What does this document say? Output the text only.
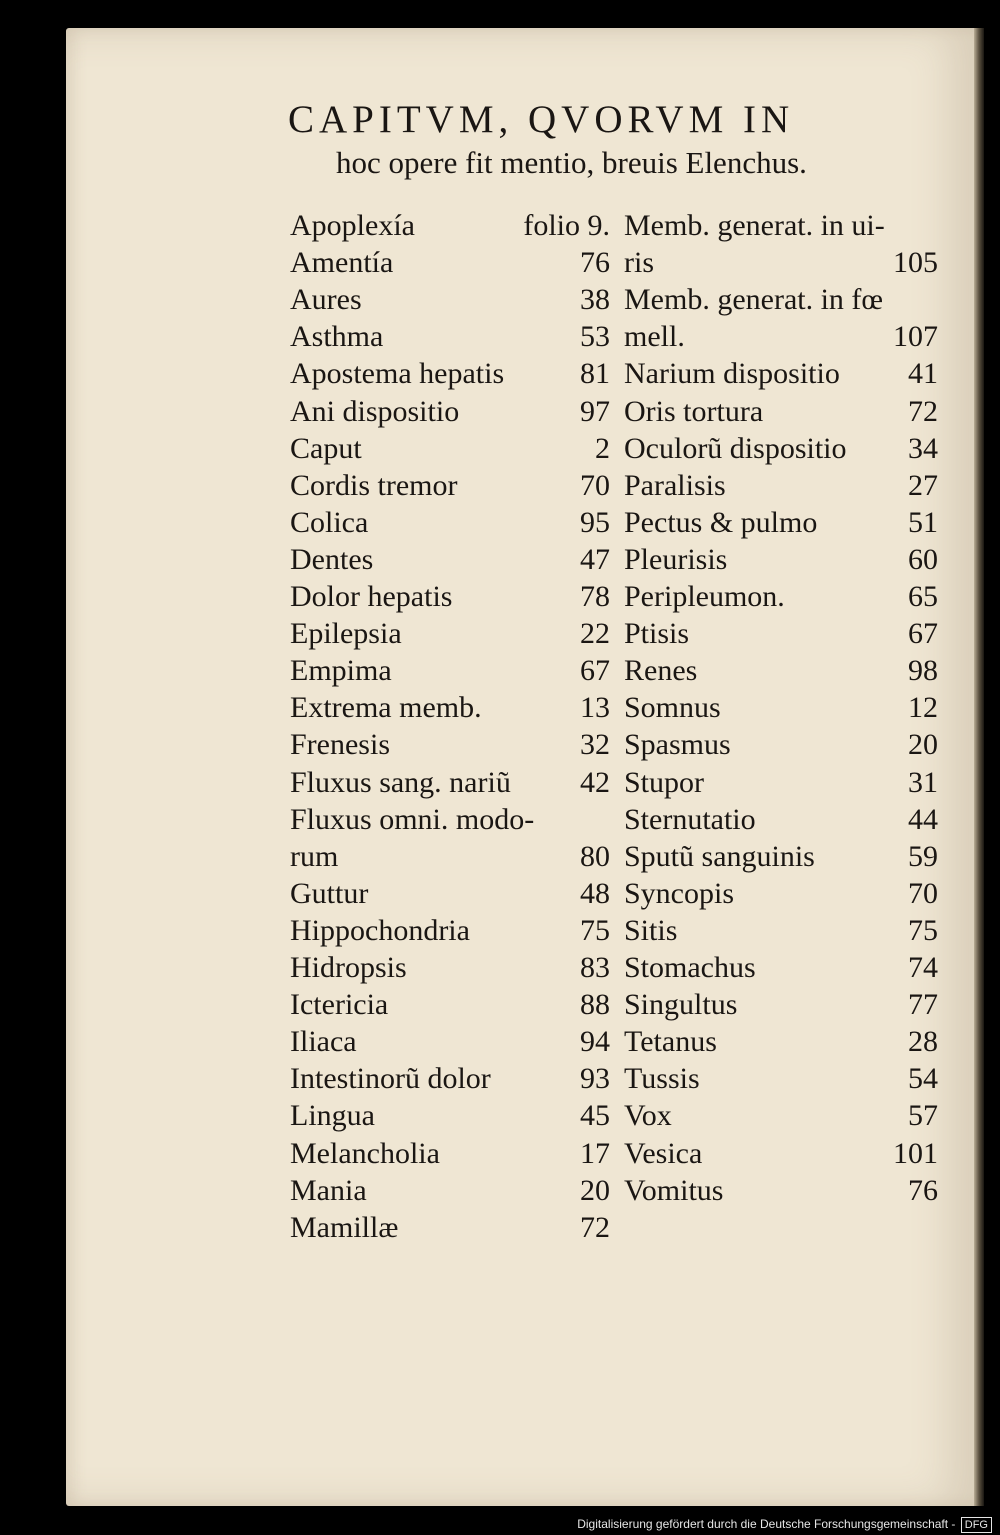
CAPITVM, QVORVM IN
hoc opere fit mentio, breuis Elenchus.
Apoplexía	folio 9.
Amentía	76
Aures	38
Asthma	53
Apostema hepatis	81
Ani dispositio	97
Caput	2
Cordis tremor	70
Colica	95
Dentes	47
Dolor hepatis	78
Epilepsia	22
Empima	67
Extrema memb.	13
Frenesis	32
Fluxus sang. nariũ 42
Fluxus omni. modo-
rum	80
Guttur	48
Hippochondria	75
Hidropsis	83
Ictericia	88
Iliaca	94
Intestinorũ dolor	93
Lingua	45
Melancholia	17
Mania	20
Mamillæ	72
Memb. generat. in ui-
ris	105
Memb. generat. in fœ
mell.	107
Narium dispositio 41
Oris tortura	72
Oculorũ dispositio 34
Paralisis	27
Pectus & pulmo	51
Pleurisis	60
Peripleumon.	65
Ptisis	67
Renes	98
Somnus	12
Spasmus	20
Stupor	31
Sternutatio	44
Sputũ sanguinis	59
Syncopis	70
Sitis	75
Stomachus	74
Singultus	77
Tetanus	28
Tussis	54
Vox	57
Vesica	101
Vomitus	76
Digitalisierung gefördert durch die Deutsche Forschungsgemeinschaft - DFG
